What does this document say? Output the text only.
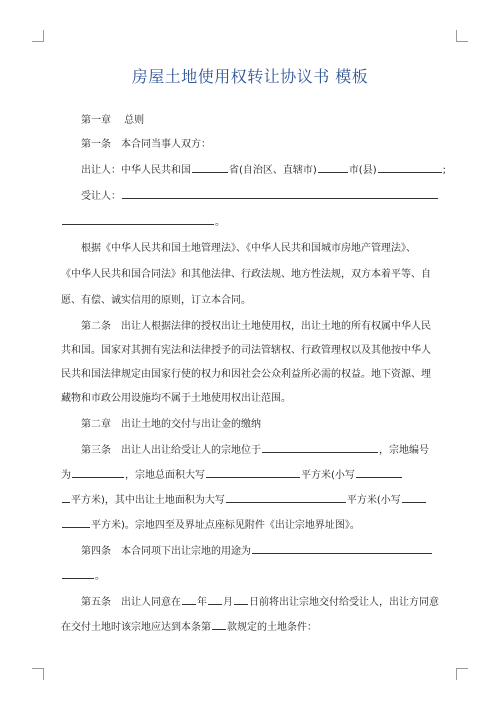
房屋土地使用权转让协议书 模板
第一章　 总则
第一条　本合同当事人双方：
出让人：中华人民共和国	省(自治区、直辖市)	市(县)	;
受让人：
。
根据《中华人民共和国土地管理法》、《中华人民共和国城市房地产管理法》、
《中华人民共和国合同法》和其他法律、行政法规、地方性法规，双方本着平等、自
愿、有偿、诚实信用的原则，订立本合同。
第二条　出让人根据法律的授权出让土地使用权，出让土地的所有权属中华人民
共和国。国家对其拥有宪法和法律授予的司法管辖权、行政管理权以及其他按中华人
民共和国法律规定由国家行使的权力和因社会公众利益所必需的权益。地下资源、埋
藏物和市政公用设施均不属于土地使用权出让范围。
第二章　出让土地的交付与出让金的缴纳
第三条　出让人出让给受让人的宗地位于	，宗地编号
为	，宗地总面积大写	平方米(小写
平方米)，其中出让土地面积为大写	平方米(小写
平方米)。宗地四至及界址点座标见附件《出让宗地界址图》。
第四条　本合同项下出让宗地的用途为
。
第五条　出让人同意在 年 月 日前将出让宗地交付给受让人，出让方同意
在交付土地时该宗地应达到本条第 款规定的土地条件：
